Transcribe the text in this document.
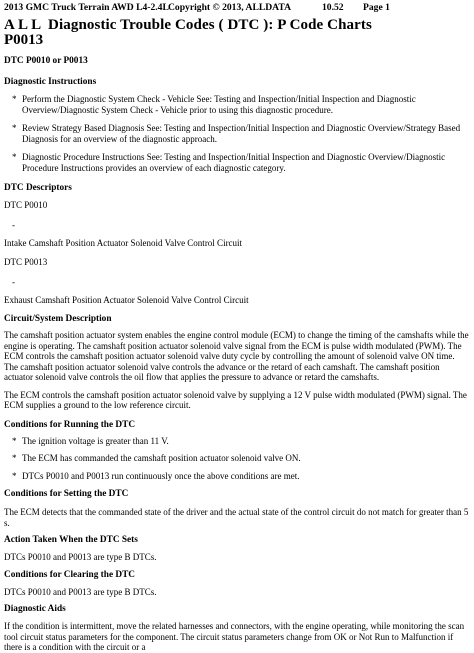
2013 GMC Truck Terrain AWD L4-2.4LCopyright © 2013, ALLDATA	10.52 Page 1
A L L  Diagnostic Trouble Codes ( DTC ): P Code Charts
P0013
DTC P0010 or P0013
Diagnostic Instructions
* Perform the Diagnostic System Check - Vehicle See: Testing and Inspection/Initial Inspection and Diagnostic Overview/Diagnostic System Check - Vehicle prior to using this diagnostic procedure.
* Review Strategy Based Diagnosis See: Testing and Inspection/Initial Inspection and Diagnostic Overview/Strategy Based Diagnosis for an overview of the diagnostic approach.
* Diagnostic Procedure Instructions See: Testing and Inspection/Initial Inspection and Diagnostic Overview/Diagnostic Procedure Instructions provides an overview of each diagnostic category.
DTC Descriptors
DTC P0010
-
Intake Camshaft Position Actuator Solenoid Valve Control Circuit
DTC P0013
-
Exhaust Camshaft Position Actuator Solenoid Valve Control Circuit
Circuit/System Description
The camshaft position actuator system enables the engine control module (ECM) to change the timing of the camshafts while the engine is operating. The camshaft position actuator solenoid valve signal from the ECM is pulse width modulated (PWM). The ECM controls the camshaft position actuator solenoid valve duty cycle by controlling the amount of solenoid valve ON time. The camshaft position actuator solenoid valve controls the advance or the retard of each camshaft. The camshaft position actuator solenoid valve controls the oil flow that applies the pressure to advance or retard the camshafts.
The ECM controls the camshaft position actuator solenoid valve by supplying a 12 V pulse width modulated (PWM) signal. The ECM supplies a ground to the low reference circuit.
Conditions for Running the DTC
* The ignition voltage is greater than 11 V.
* The ECM has commanded the camshaft position actuator solenoid valve ON.
* DTCs P0010 and P0013 run continuously once the above conditions are met.
Conditions for Setting the DTC
The ECM detects that the commanded state of the driver and the actual state of the control circuit do not match for greater than 5 s.
Action Taken When the DTC Sets
DTCs P0010 and P0013 are type B DTCs.
Conditions for Clearing the DTC
DTCs P0010 and P0013 are type B DTCs.
Diagnostic Aids
If the condition is intermittent, move the related harnesses and connectors, with the engine operating, while monitoring the scan tool circuit status parameters for the component. The circuit status parameters change from OK or Not Run to Malfunction if there is a condition with the circuit or a
